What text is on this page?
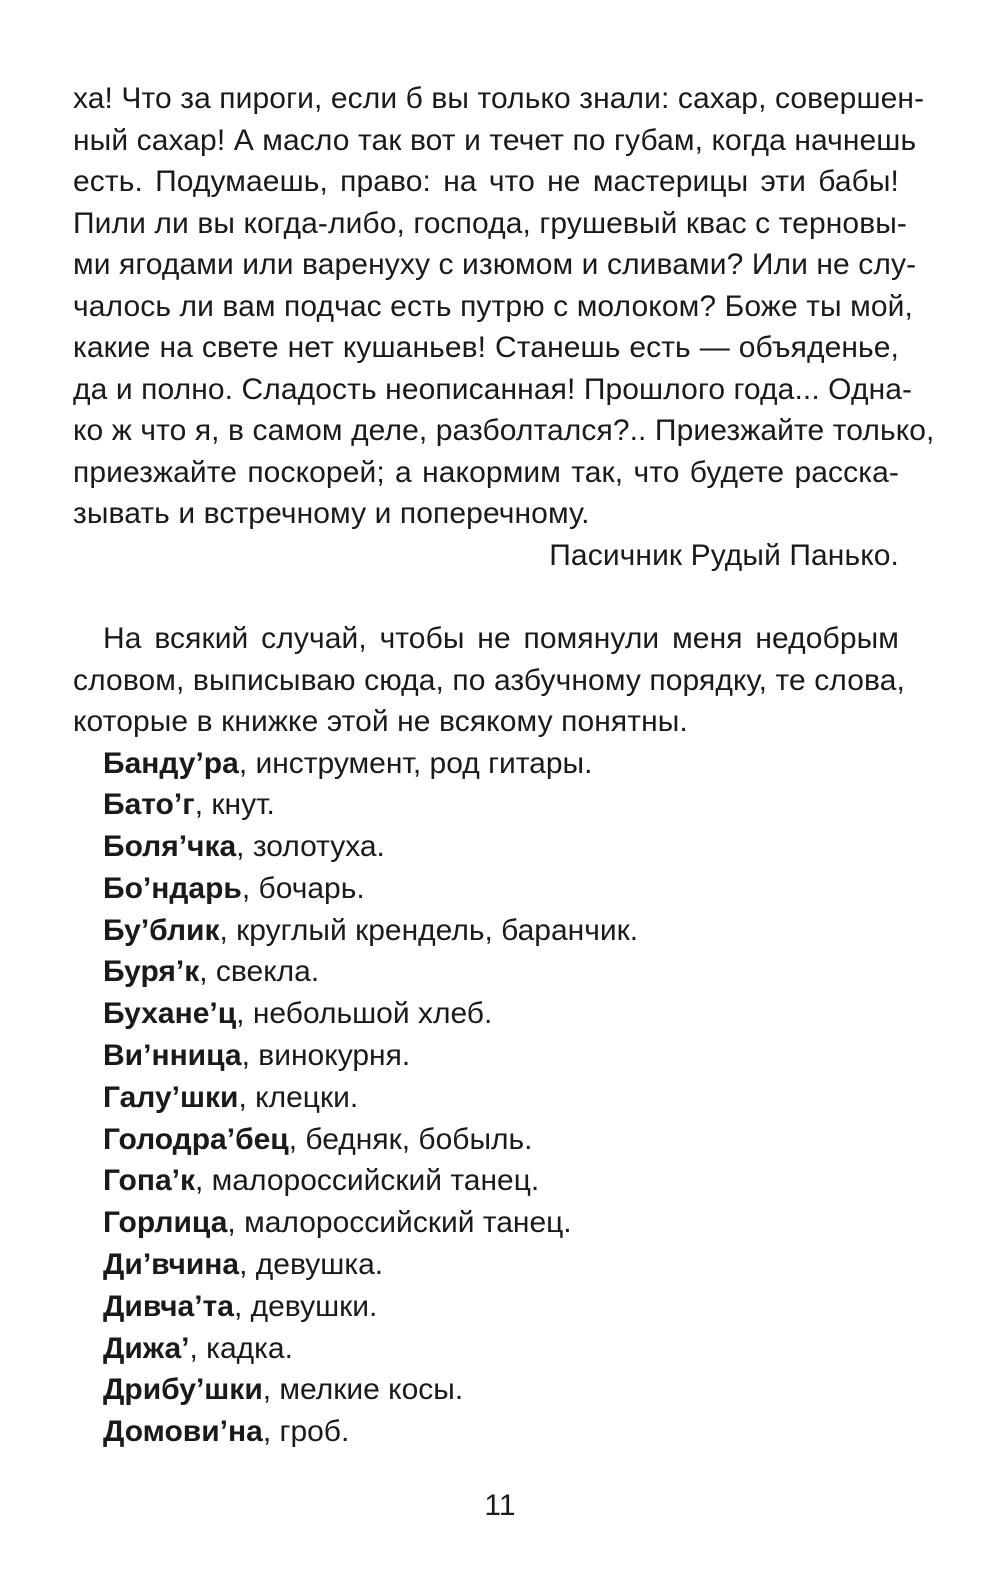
ха! Что за пироги, если б вы только знали: сахар, совершен-
ный сахар! А масло так вот и течет по губам, когда начнешь
есть. Подумаешь, право: на что не мастерицы эти бабы!
Пили ли вы когда-либо, господа, грушевый квас с терновы-
ми ягодами или варенуху с изюмом и сливами? Или не слу-
чалось ли вам подчас есть путрю с молоком? Боже ты мой,
какие на свете нет кушаньев! Станешь есть — объяденье,
да и полно. Сладость неописанная! Прошлого года... Одна-
ко ж что я, в самом деле, разболтался?.. Приезжайте только,
приезжайте поскорей; а накормим так, что будете расска-
зывать и встречному и поперечному.
Пасичник Рудый Панько.
На всякий случай, чтобы не помянули меня недобрым
словом, выписываю сюда, по азбучному порядку, те слова,
которые в книжке этой не всякому понятны.
Банду’ра, инструмент, род гитары.
Бато’г, кнут.
Боля’чка, золотуха.
Бо’ндарь, бочарь.
Бу’блик, круглый крендель, баранчик.
Буря’к, свекла.
Бухане’ц, небольшой хлеб.
Ви’нница, винокурня.
Галу’шки, клецки.
Голодра’бец, бедняк, бобыль.
Гопа’к, малороссийский танец.
Горлица, малороссийский танец.
Ди’вчина, девушка.
Дивча’та, девушки.
Дижа’, кадка.
Дрибу’шки, мелкие косы.
Домови’на, гроб.
11
